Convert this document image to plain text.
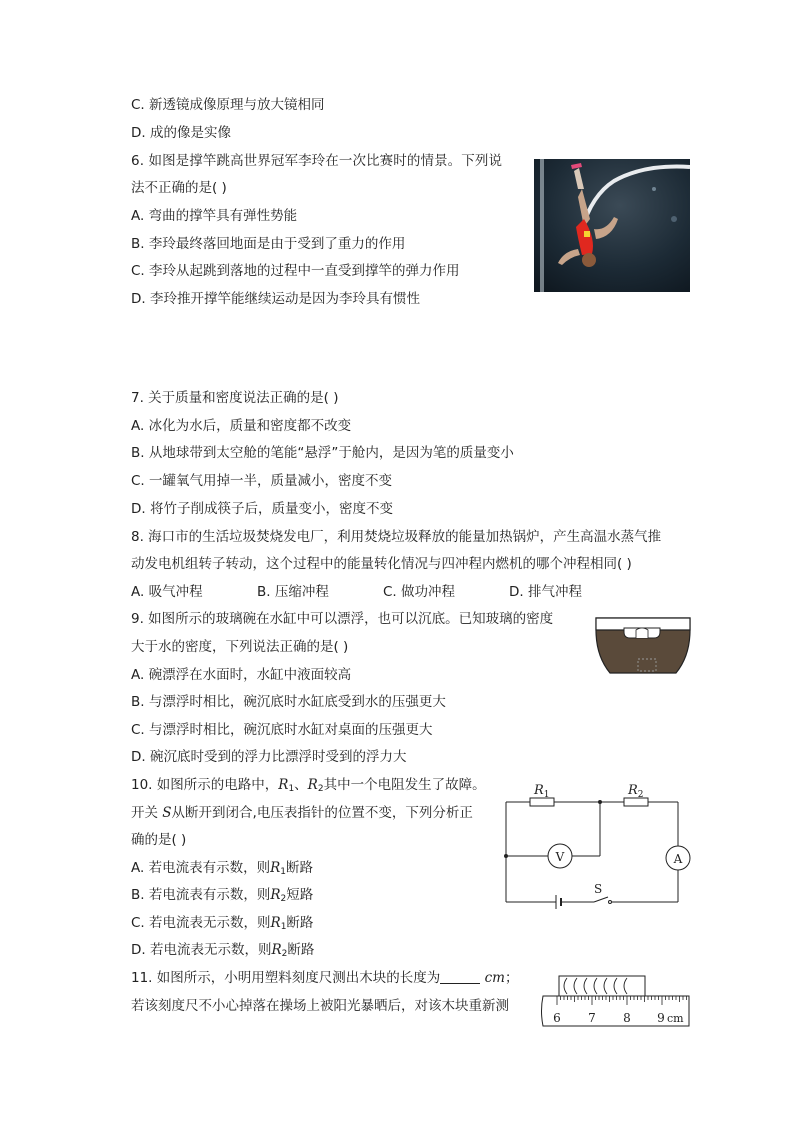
C. 新透镜成像原理与放大镜相同
D. 成的像是实像
6. 如图是撑竿跳高世界冠军李玲在一次比赛时的情景。下列说
法不正确的是( )
A. 弯曲的撑竿具有弹性势能
B. 李玲最终落回地面是由于受到了重力的作用
C. 李玲从起跳到落地的过程中一直受到撑竿的弹力作用
D. 李玲推开撑竿能继续运动是因为李玲具有惯性
7. 关于质量和密度说法正确的是( )
A. 冰化为水后，质量和密度都不改变
B. 从地球带到太空舱的笔能“悬浮”于舱内，是因为笔的质量变小
C. 一罐氧气用掉一半，质量减小，密度不变
D. 将竹子削成筷子后，质量变小，密度不变
8. 海口市的生活垃圾焚烧发电厂，利用焚烧垃圾释放的能量加热锅炉，产生高温水蒸气推
动发电机组转子转动，这个过程中的能量转化情况与四冲程内燃机的哪个冲程相同( )
A. 吸气冲程	B. 压缩冲程	C. 做功冲程	D. 排气冲程
9. 如图所示的玻璃碗在水缸中可以漂浮，也可以沉底。已知玻璃的密度
大于水的密度，下列说法正确的是( )
A. 碗漂浮在水面时，水缸中液面较高
B. 与漂浮时相比，碗沉底时水缸底受到水的压强更大
C. 与漂浮时相比，碗沉底时水缸对桌面的压强更大
D. 碗沉底时受到的浮力比漂浮时受到的浮力大
10. 如图所示的电路中，$R_1$、$R_2$其中一个电阻发生了故障。
开关 S从断开到闭合,电压表指针的位置不变，下列分析正
确的是( )
A. 若电流表有示数，则$R_1$断路
B. 若电流表有示数，则$R_2$短路
C. 若电流表无示数，则$R_1$断路
D. 若电流表无示数，则$R_2$断路
$R_1$	$R_2$
V	A
S
11. 如图所示，小明用塑料刻度尺测出木块的长度为	cm；
若该刻度尺不小心掉落在操场上被阳光暴晒后，对该木块重新测
6 7 8 9 cm
